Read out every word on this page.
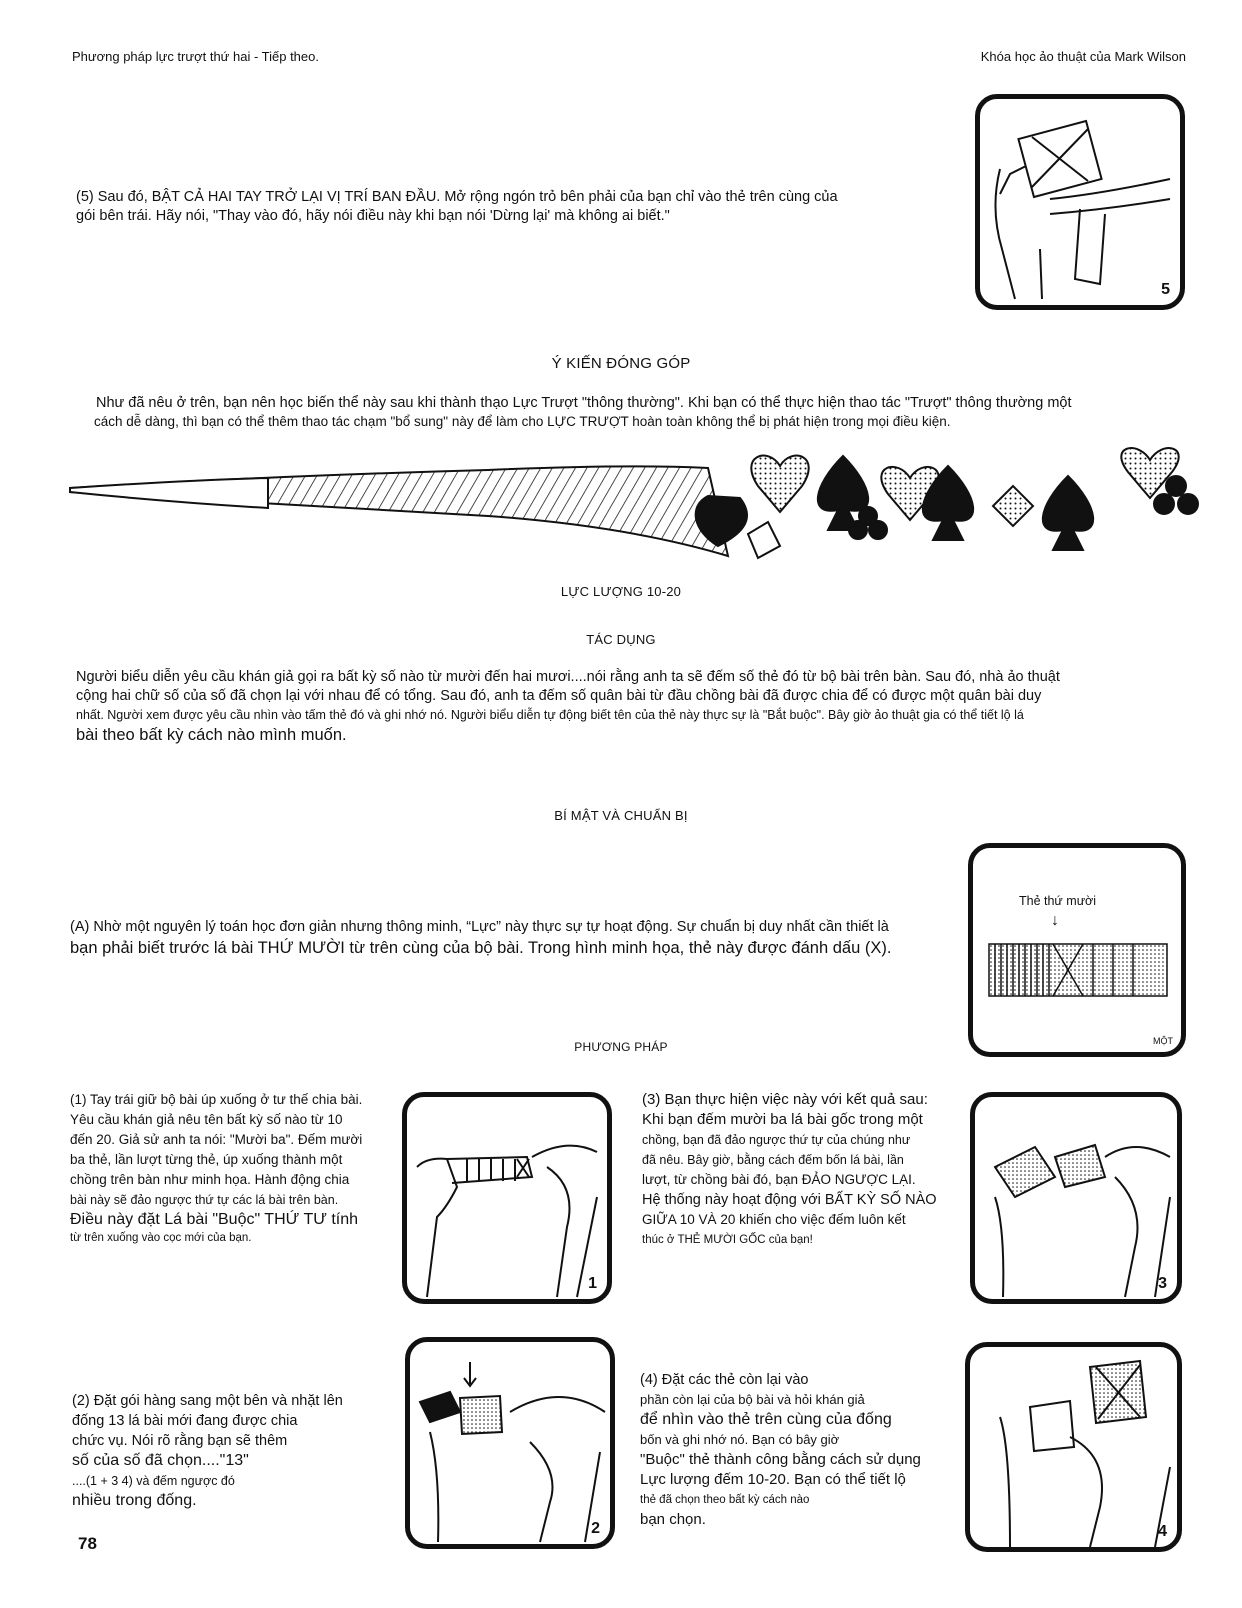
Phương pháp lực trượt thứ hai - Tiếp theo.	Khóa học ảo thuật của Mark Wilson
(5) Sau đó, BẬT CẢ HAI TAY TRỞ LẠI VỊ TRÍ BAN ĐẦU. Mở rộng ngón trỏ bên phải của bạn chỉ vào thẻ trên cùng của
gói bên trái. Hãy nói, "Thay vào đó, hãy nói điều này khi bạn nói 'Dừng lại' mà không ai biết."
5
Ý KIẾN ĐÓNG GÓP
Như đã nêu ở trên, bạn nên học biến thể này sau khi thành thạo Lực Trượt "thông thường". Khi bạn có thể thực hiện thao tác "Trượt" thông thường một
cách dễ dàng, thì bạn có thể thêm thao tác chạm "bổ sung" này để làm cho LỰC TRƯỢT hoàn toàn không thể bị phát hiện trong mọi điều kiện.
LỰC LƯỢNG 10-20
TÁC DỤNG
Người biểu diễn yêu cầu khán giả gọi ra bất kỳ số nào từ mười đến hai mươi....nói rằng anh ta sẽ đếm số thẻ đó từ bộ bài trên bàn. Sau đó, nhà ảo thuật
cộng hai chữ số của số đã chọn lại với nhau để có tổng. Sau đó, anh ta đếm số quân bài từ đầu chồng bài đã được chia để có được một quân bài duy
nhất. Người xem được yêu cầu nhìn vào tấm thẻ đó và ghi nhớ nó. Người biểu diễn tự động biết tên của thẻ này thực sự là "Bắt buộc". Bây giờ ảo thuật gia có thể tiết lộ lá
bài theo bất kỳ cách nào mình muốn.
BÍ MẬT VÀ CHUẨN BỊ
(A) Nhờ một nguyên lý toán học đơn giản nhưng thông minh, “Lực” này thực sự tự hoạt động. Sự chuẩn bị duy nhất cần thiết là
bạn phải biết trước lá bài THỨ MƯỜI từ trên cùng của bộ bài. Trong hình minh họa, thẻ này được đánh dấu (X).
Thẻ thứ mười
↓
MỘT
PHƯƠNG PHÁP
(1) Tay trái giữ bộ bài úp xuống ở tư thế chia bài.
Yêu cầu khán giả nêu tên bất kỳ số nào từ 10
đến 20. Giả sử anh ta nói: "Mười ba". Đếm mười
ba thẻ, lần lượt từng thẻ, úp xuống thành một
chồng trên bàn như minh họa. Hành động chia
bài này sẽ đảo ngược thứ tự các lá bài trên bàn.
Điều này đặt Lá bài "Buộc" THỨ TƯ tính
từ trên xuống vào cọc mới của bạn.
1
(3) Bạn thực hiện việc này với kết quả sau:
Khi bạn đếm mười ba lá bài gốc trong một
chồng, bạn đã đảo ngược thứ tự của chúng như
đã nêu. Bây giờ, bằng cách đếm bốn lá bài, lần
lượt, từ chồng bài đó, bạn ĐẢO NGƯỢC LẠI.
Hệ thống này hoạt động với BẤT KỲ SỐ NÀO
GIỮA 10 VÀ 20 khiến cho việc đếm luôn kết
thúc ở THẺ MƯỜI GỐC của bạn!
3
(2) Đặt gói hàng sang một bên và nhặt lên
đống 13 lá bài mới đang được chia
chức vụ. Nói rõ rằng bạn sẽ thêm
số của số đã chọn...."13"
....(1 + 3 4) và đếm ngược đó
nhiều trong đống.
2
(4) Đặt các thẻ còn lại vào
phần còn lại của bộ bài và hỏi khán giả
để nhìn vào thẻ trên cùng của đống
bốn và ghi nhớ nó. Bạn có bây giờ
"Buộc" thẻ thành công bằng cách sử dụng
Lực lượng đếm 10-20. Bạn có thể tiết lộ
thẻ đã chọn theo bất kỳ cách nào
bạn chọn.
4
78
